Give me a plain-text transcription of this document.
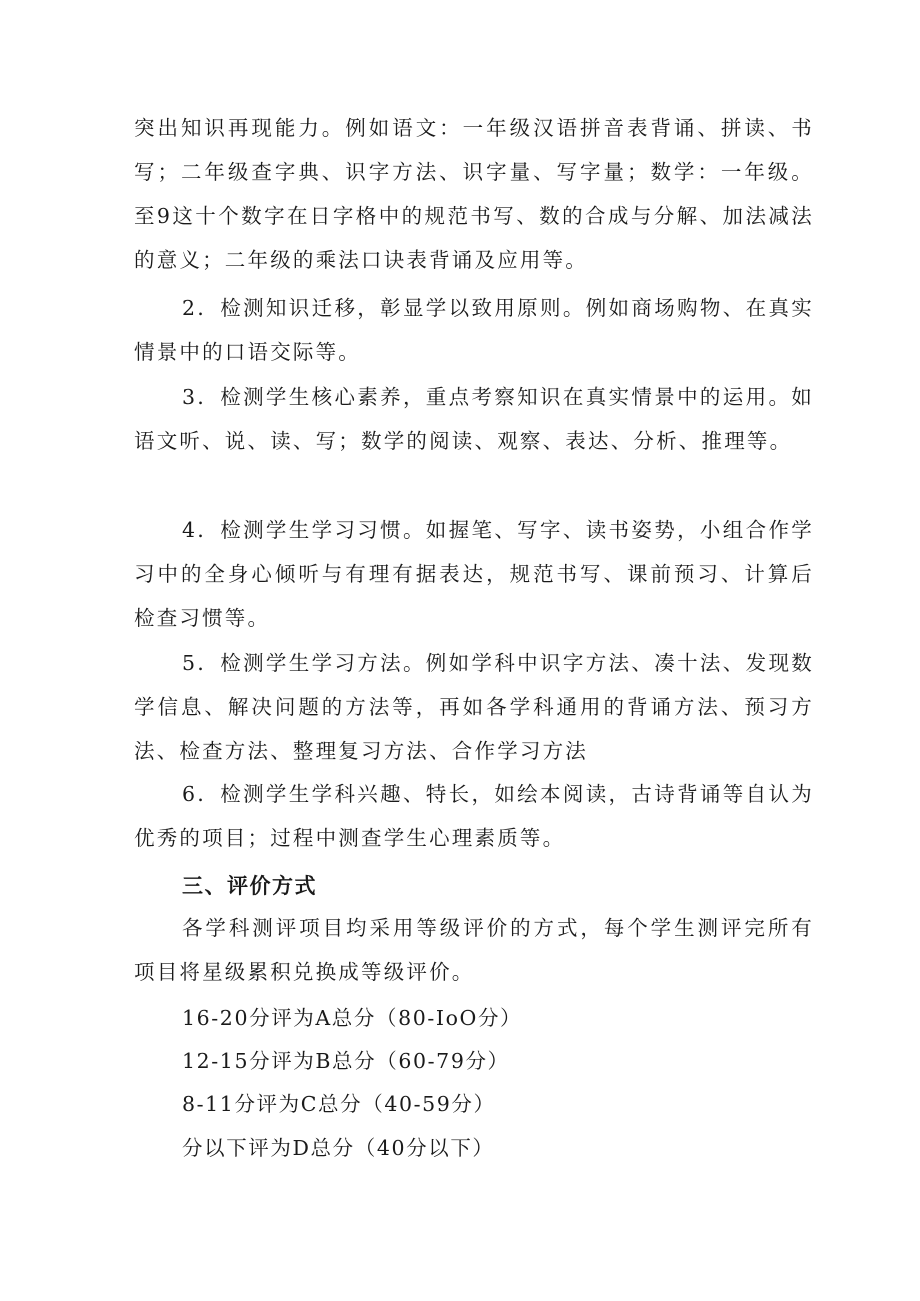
突出知识再现能力。例如语文：一年级汉语拼音表背诵、拼读、书写；二年级查字典、识字方法、识字量、写字量；数学：一年级。至9这十个数字在日字格中的规范书写、数的合成与分解、加法减法的意义；二年级的乘法口诀表背诵及应用等。

2．检测知识迁移，彰显学以致用原则。例如商场购物、在真实情景中的口语交际等。

3．检测学生核心素养，重点考察知识在真实情景中的运用。如语文听、说、读、写；数学的阅读、观察、表达、分析、推理等。

4．检测学生学习习惯。如握笔、写字、读书姿势，小组合作学习中的全身心倾听与有理有据表达，规范书写、课前预习、计算后检查习惯等。

5．检测学生学习方法。例如学科中识字方法、凑十法、发现数学信息、解决问题的方法等，再如各学科通用的背诵方法、预习方法、检查方法、整理复习方法、合作学习方法

6．检测学生学科兴趣、特长，如绘本阅读，古诗背诵等自认为优秀的项目；过程中测查学生心理素质等。

三、评价方式

各学科测评项目均采用等级评价的方式，每个学生测评完所有项目将星级累积兑换成等级评价。

16-20分评为A总分（80-IoO分）

12-15分评为B总分（60-79分）

8-11分评为C总分（40-59分）

分以下评为D总分（40分以下）
